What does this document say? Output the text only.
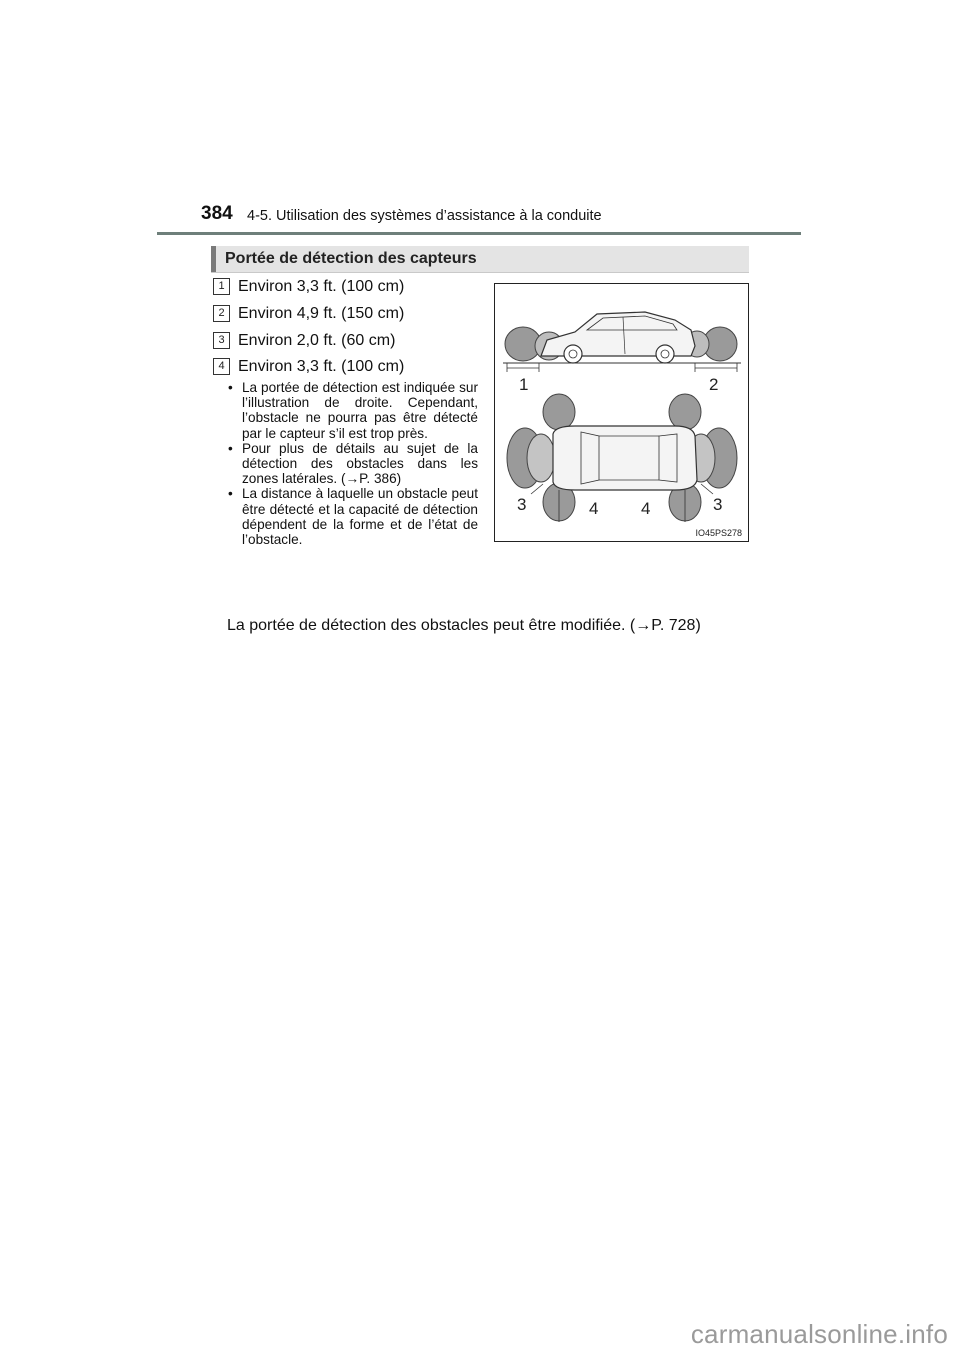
384 4-5. Utilisation des systèmes d’assistance à la conduite
Portée de détection des capteurs
1 Environ 3,3 ft. (100 cm)
2 Environ 4,9 ft. (150 cm)
3 Environ 2,0 ft. (60 cm)
4 Environ 3,3 ft. (100 cm)
• La portée de détection est indiquée sur l’illustration de droite. Cependant, l’obstacle ne pourra pas être détecté par le capteur s’il est trop près.
• Pour plus de détails au sujet de la détection des obstacles dans les zones latérales. (→P. 386)
• La distance à laquelle un obstacle peut être détecté et la capacité de détection dépendent de la forme et de l’état de l’obstacle.
1	2
3	4	4	3
IO45PS278
La portée de détection des obstacles peut être modifiée. (→P. 728)
carmanualsonline.info
